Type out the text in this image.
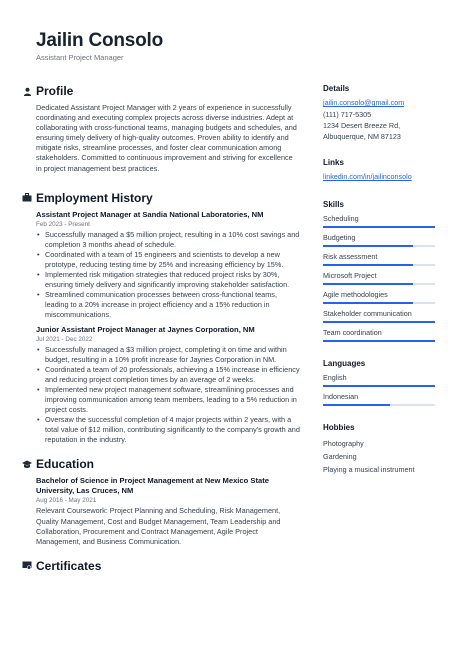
Jailin Consolo
Assistant Project Manager
Profile

Dedicated Assistant Project Manager with 2 years of experience in successfully coordinating and executing complex projects across diverse industries. Adept at collaborating with cross-functional teams, managing budgets and schedules, and ensuring timely delivery of high-quality outcomes. Proven ability to identify and mitigate risks, streamline processes, and foster clear communication among stakeholders. Committed to continuous improvement and striving for excellence in project management best practices.

Employment History
Assistant Project Manager at Sandia National Laboratories, NM
Feb 2023 - Present
• Successfully managed a $5 million project, resulting in a 10% cost savings and completion 3 months ahead of schedule.
• Coordinated with a team of 15 engineers and scientists to develop a new prototype, reducing testing time by 25% and increasing efficiency by 15%.
• Implemented risk mitigation strategies that reduced project risks by 30%, ensuring timely delivery and significantly improving stakeholder satisfaction.
• Streamlined communication processes between cross-functional teams, leading to a 20% increase in project efficiency and a 15% reduction in miscommunications.
Junior Assistant Project Manager at Jaynes Corporation, NM
Jul 2021 - Dec 2022
• Successfully managed a $3 million project, completing it on time and within budget, resulting in a 10% profit increase for Jaynes Corporation in NM.
• Coordinated a team of 20 professionals, achieving a 15% increase in efficiency and reducing project completion times by an average of 2 weeks.
• Implemented new project management software, streamlining processes and improving communication among team members, leading to a 5% reduction in project costs.
• Oversaw the successful completion of 4 major projects within 2 years, with a total value of $12 million, contributing significantly to the company's growth and reputation in the industry.
Education
Bachelor of Science in Project Management at New Mexico State University, Las Cruces, NM
Aug 2016 - May 2021

Relevant Coursework: Project Planning and Scheduling, Risk Management, Quality Management, Cost and Budget Management, Team Leadership and Collaboration, Procurement and Contract Management, Agile Project Management, and Business Communication.

Certificates
Details
jailin.consolo@gmail.com
(111) 717-5305
1234 Desert Breeze Rd,
Albuquerque, NM 87123
Links
linkedin.com/in/jailinconsolo
Skills
Scheduling
Budgeting
Risk assessment
Microsoft Project
Agile methodologies
Stakeholder communication
Team coordination
Languages
English
Indonesian
Hobbies
Photography
Gardening
Playing a musical instrument
